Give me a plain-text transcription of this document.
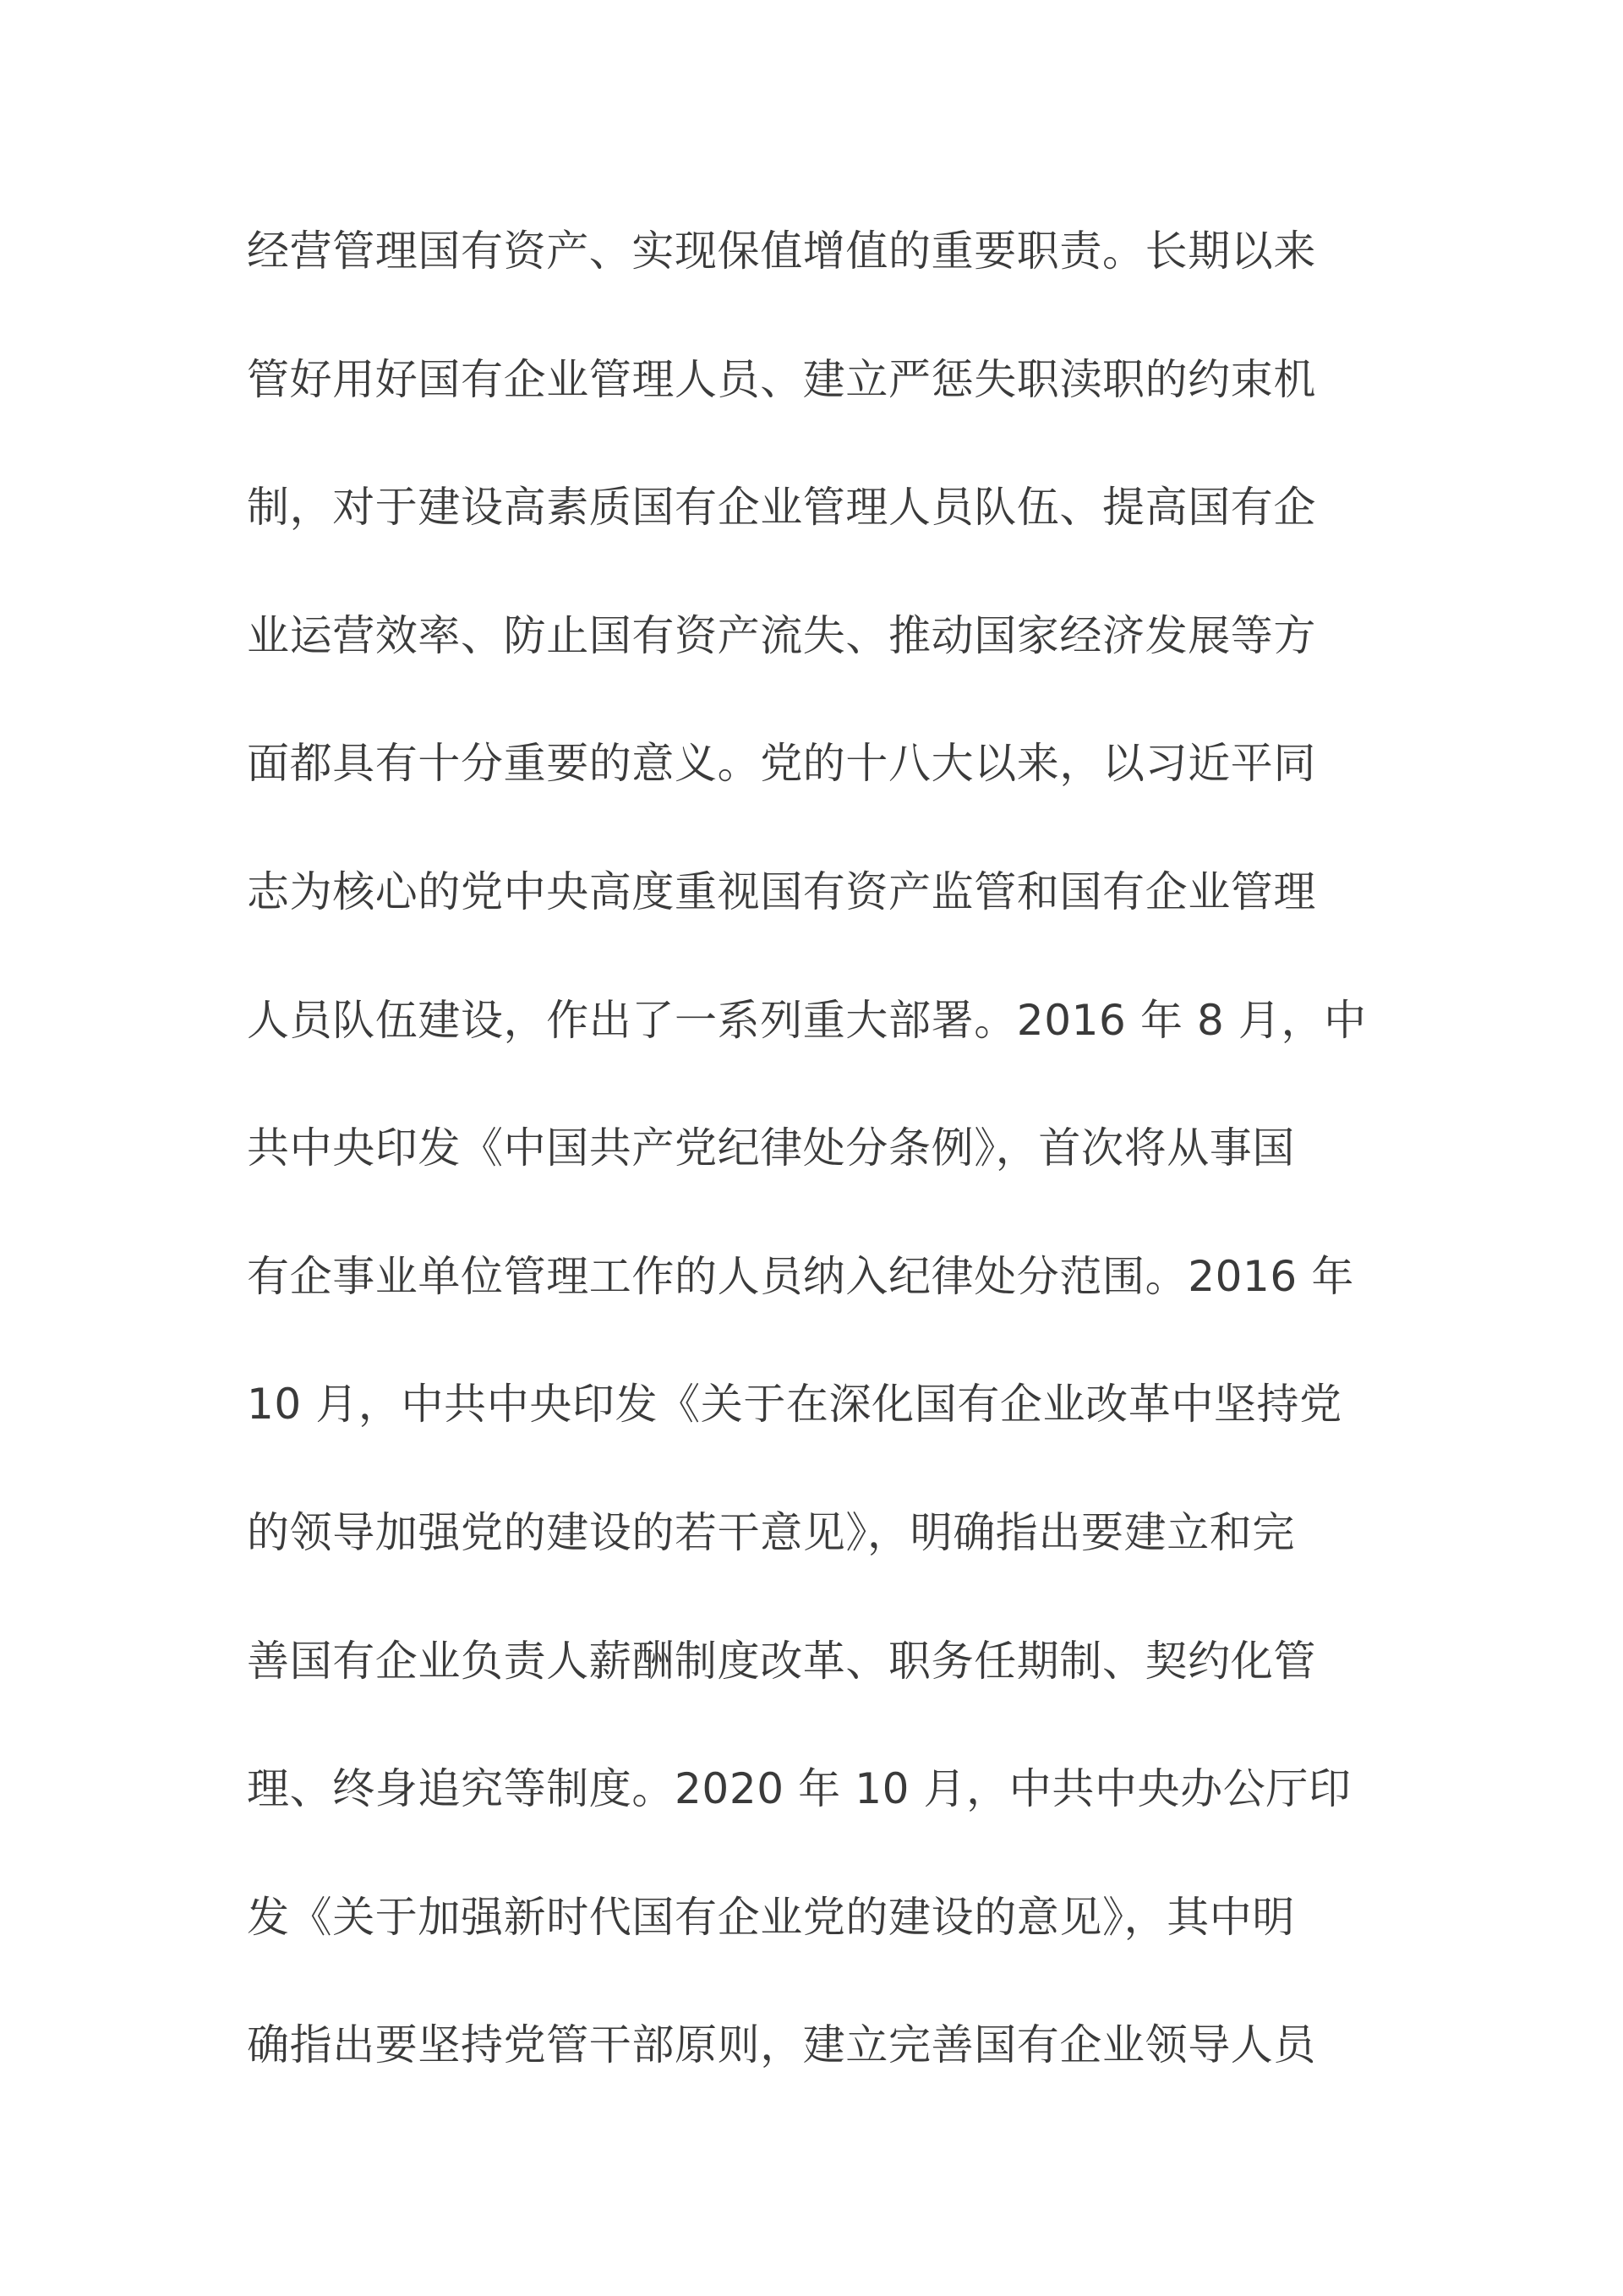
经营管理国有资产、实现保值增值的重要职责。长期以来
管好用好国有企业管理人员、建立严惩失职渎职的约束机
制，对于建设高素质国有企业管理人员队伍、提高国有企
业运营效率、防止国有资产流失、推动国家经济发展等方
面都具有十分重要的意义。党的十八大以来，以习近平同
志为核心的党中央高度重视国有资产监管和国有企业管理
人员队伍建设，作出了一系列重大部署。2016 年 8 月，中
共中央印发《中国共产党纪律处分条例》，首次将从事国
有企事业单位管理工作的人员纳入纪律处分范围。2016 年
10 月，中共中央印发《关于在深化国有企业改革中坚持党
的领导加强党的建设的若干意见》，明确指出要建立和完
善国有企业负责人薪酬制度改革、职务任期制、契约化管
理、终身追究等制度。2020 年 10 月，中共中央办公厅印
发《关于加强新时代国有企业党的建设的意见》，其中明
确指出要坚持党管干部原则，建立完善国有企业领导人员
